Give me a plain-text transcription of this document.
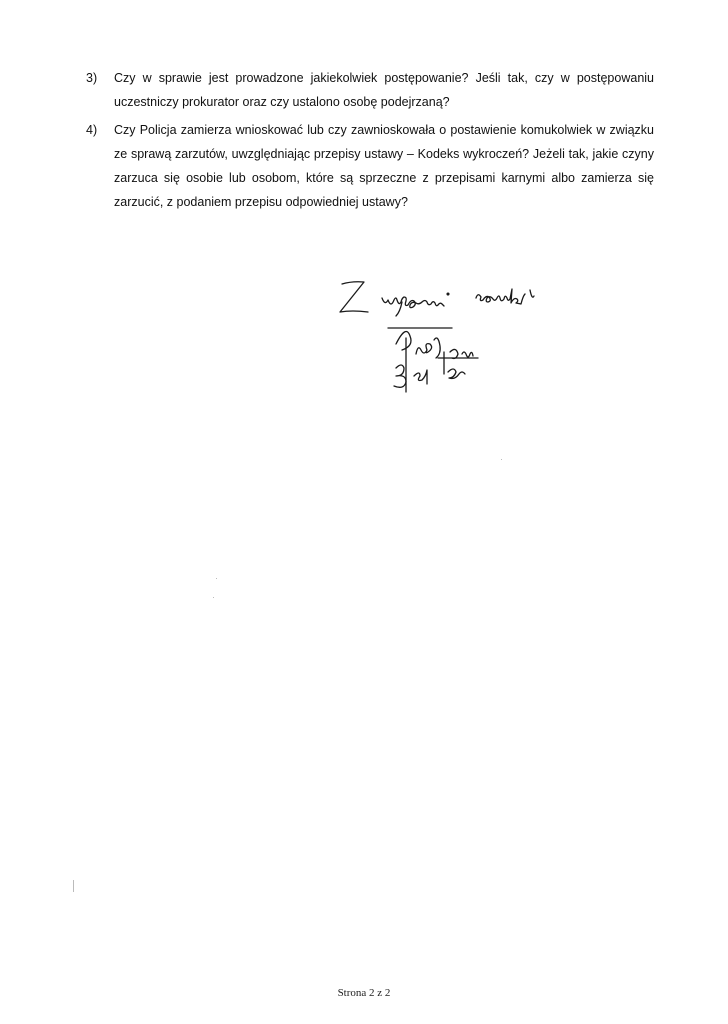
3) Czy w sprawie jest prowadzone jakiekolwiek postępowanie? Jeśli tak, czy w postępowaniu uczestniczy prokurator oraz czy ustalono osobę podejrzaną?
4) Czy Policja zamierza wnioskować lub czy zawnioskowała o postawienie komukolwiek w związku ze sprawą zarzutów, uwzględniając przepisy ustawy – Kodeks wykroczeń? Jeżeli tak, jakie czyny zarzuca się osobie lub osobom, które są sprzeczne z przepisami karnymi albo zamierza się zarzucić, z podaniem przepisu odpowiedniej ustawy?
Strona 2 z 2
